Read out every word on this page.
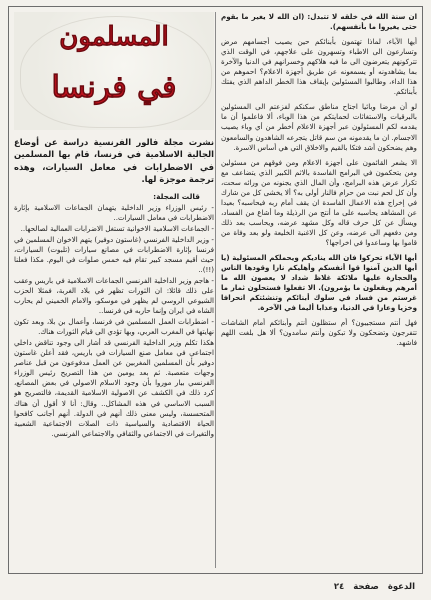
ان سنة الله في خلقه لا تتبدل: (ان الله لا يغير ما بقوم حتى يغيروا ما بأنفسهم).

أيها الآباء، لماذا تهتمون بأبنائكم حين يصيب أجسامهم مرض وتسارعون الى الاطباء وتسهرون على علاجهم، في الوقت الذي تتركونهم يتعرضون الى ما فيه هلاكهم وخسرانهم في الدنيا والآخرة بما يشاهدونه أو يسمعونه عن طريق أجهزة الاعلام؟ احموهم من هذا الداء، وطالبوا المسئولين بإيقاف هذا الخطر الداهم الذي يفتك بأبنائكم.

لو أن مرضا وبائيا اجتاح مناطق سكنكم لفزعتم الى المسئولين بالبرقيات والاستغاثات لحمايتكم من هذا الوباء، ألا فاعلموا أن ما يقدمه لكم المسئولون عبر أجهزة الاعلام أخطر من أي وباء يصيب الاجسام. ان ما يقدمونه من سم قاتل يتجرعه الشاهدون والسامعون وهم يضحكون أشد فتكا بالقيم والاخلاق التي هي أساس الاسرة.

الا يشعر القائمون على أجهزة الاعلام ومن فوقهم من مسئولين ومن يتحكمون في البرامج الفاسدة بالاثم الكبير الذي يتضاعف مع تكرار عرض هذه البرامج، وأن المال الذي يجنونه من ورائه سحت، وأن كل لحم نبت من حرام فالنار أولى به؟ ألا يخشى كل من شارك في إخراج هذه الاعمال الفاسدة ان يقف أمام ربه فيحاسبه؟ بعيدا عن المشاهد يحاسبه على ما أنتج من الرذيلة وما أشاع من الفساد، ويسأل عن كل حرف قاله وكل مشهد عرضه، ويحاسب بعد ذلك ومن دفعهم الى عرضه، وعن كل الاغنية الخليعة ولو بعد وفاة من قاموا بها وساعدوا في اخراجها؟

أيها الآباء تحركوا فان الله يناديكم ويحملكم المسئولية (يا أيها الذين آمنوا قوا أنفسكم وأهليكم نارا وقودها الناس والحجارة عليها ملائكة غلاظ شداد لا يعصون الله ما أمرهم ويفعلون ما يؤمرون). الا تفعلوا فستحلون ثمار ما غرستم من فساد في سلوك أبنائكم وتنشئتكم انحرافا وخزيا وعارا في الدنيا، وعذابا أليما في الآخرة.

فهل أنتم مستجيبون؟ أم ستظلون أنتم وأبنائكم أمام الشاشات تتفرجون وتضحكون ولا تبكون وأنتم سامدون؟ ألا هل بلغت اللهم فاشهد.

المسلمون
في فرنسا

نشرت مجلة فالور الفرنسية دراسة عن أوضاع الجالية الاسلامية في فرنسا، قام بها المسلمين في الاضطرابات في معامل السيارات، وهذه ترجمة موجزة لها.

قالت المجلة:

- رئيس الوزراء وزير الداخلية يتهمان الجماعات الاسلامية بإثارة الاضطرابات في معامل السيارات..
- الجماعات الاسلامية الاخوانية تستغل الاضرابات العمالية لصالحها..
- وزير الداخلية الفرنسي (غاستون دوفير) يتهم الاخوان المسلمين في فرنسا بإثارة الاضطرابات في مصانع سيارات (تلبوت) السيارات، حيث أقيم مسجد كبير تقام فيه خمس صلوات في اليوم. مكذا فعلنا (!!)..
- هاجم وزير الداخلية الفرنسي الجماعات الاسلامية في باريس وعقب على ذلك قائلا: ان الثورات تظهر في بلاد الغربة، فمثلا الحزب الشيوعي الروسي لم يظهر في موسكو، والامام الخميني لم يحارب الشاه في ايران وإنما حاربه في فرنسا..
- اضطرابات العمل المسلمين في فرنسا، وأعمال بن بلا، وبعد تكون نهايتها في المغرب العربي، وبها تؤدي الى قيام الثورات هناك.
هكذا تكلم وزير الداخلية الفرنسي قد أشار الى وجود تناقض داخلي اجتماعي في معامل صنع السيارات في باريس، فقد أعلن غاستون دوفير بأن المسلمين المغربين عن العمل مدفوعون من قبل عناصر وجهات متعصبة. ثم بعد يومين من هذا التصريح رئيس الوزراء الفرنسي بيار موروا بأن وجود الاسلام الاصولي في بعض المصانع، كرد ذلك في الكشف عن الاصولية الاسلامية القديمة، فالتصريح هو السبب الاساسي في هذه المشاكل.. وقال: أنا لا أقول أن هناك المتحسسة، وليس معنى ذلك أنهم في الدولة. أنهم أجانب كافحوا الحياة الاقتصادية والسياسية ذات الصلات الاجتماعية الشعبية والتغيرات في الاجتماعي والثقافي والاجتماعي الفرنسي.
الدعوة صفحة ٢٤
